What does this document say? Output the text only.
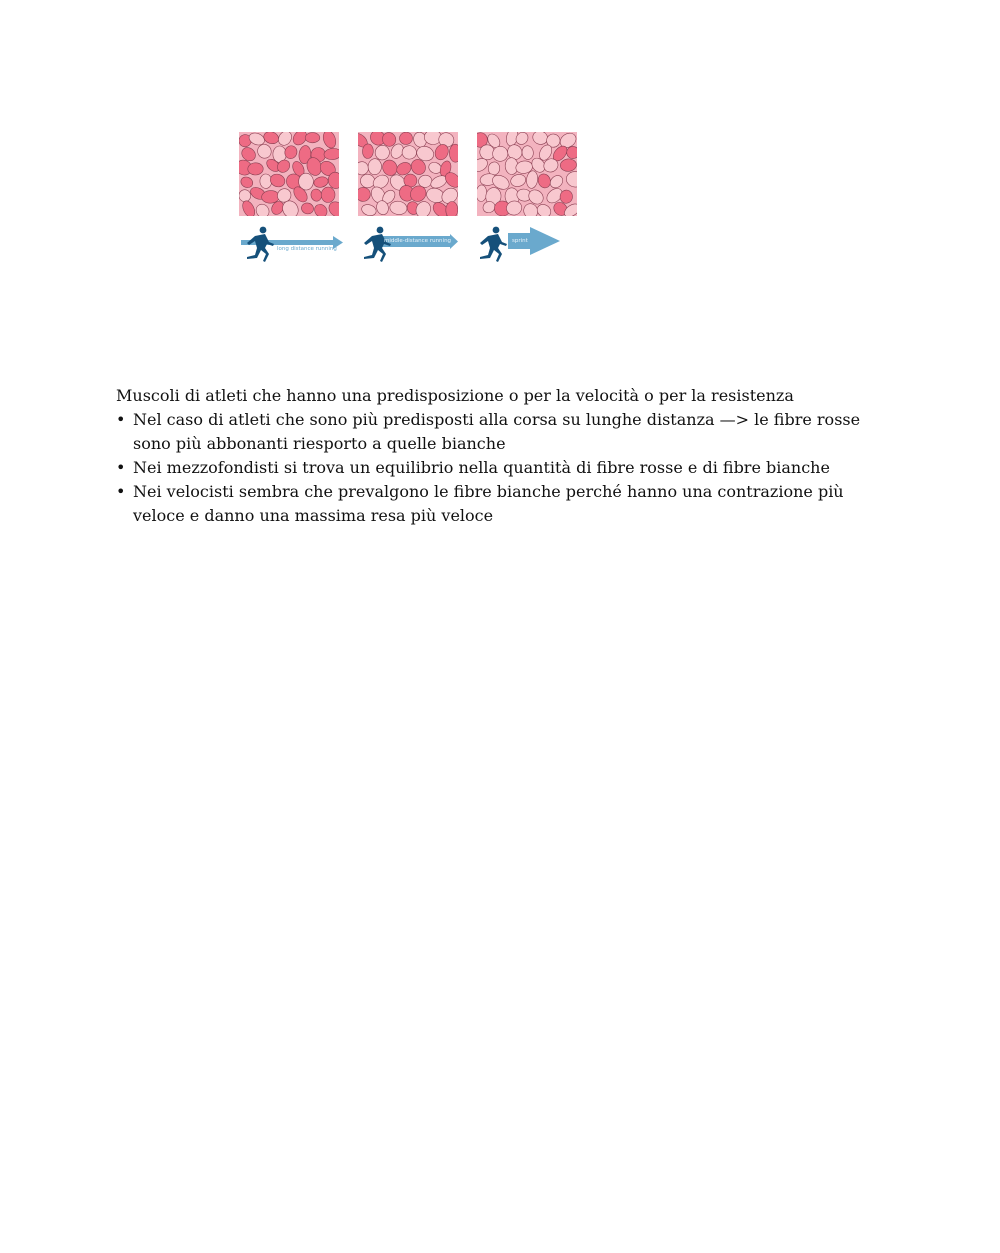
long distance running
middle-distance running	sprint

Muscoli di atleti che hanno una predisposizione o per la velocità o per la resistenza

• Nel caso di atleti che sono più predisposti alla corsa su lunghe distanza —> le fibre rosse sono più abbonanti riesporto a quelle bianche
• Nei mezzofondisti si trova un equilibrio nella quantità di fibre rosse e di fibre bianche
• Nei velocisti sembra che prevalgono le fibre bianche perché hanno una contrazione più veloce e danno una massima resa più veloce
